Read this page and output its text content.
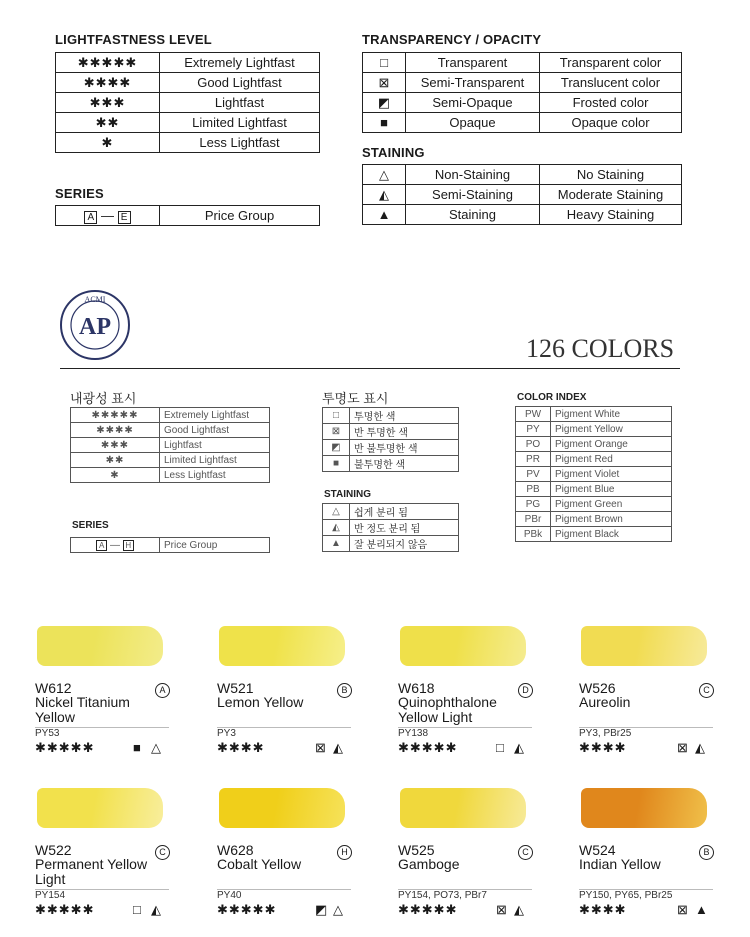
LIGHTFASTNESS LEVEL
✱✱✱✱✱	Extremely Lightfast
✱✱✱✱	Good Lightfast
✱✱✱	Lightfast
✱✱	Limited Lightfast
✱	Less Lightfast
SERIES
A — E	Price Group
TRANSPARENCY / OPACITY
□	Transparent	Transparent color
⊠	Semi-Transparent	Translucent color
◩	Semi-Opaque	Frosted color
■	Opaque	Opaque color
STAINING
△	Non-Staining	No Staining
◭	Semi-Staining	Moderate Staining
▲	Staining	Heavy Staining
ACMI
AP
126 COLORS
내광성 표시
✱✱✱✱✱	Extremely Lightfast
✱✱✱✱	Good Lightfast
✱✱✱	Lightfast
✱✱	Limited Lightfast
✱	Less Lightfast
SERIES
A — H	Price Group
투명도 표시
□	투명한 색
⊠	반 투명한 색
◩	반 불투명한 색
■	불투명한 색
STAINING
△	쉽게 분리 됨
◭	반 정도 분리 됨
▲	잘 분리되지 않음
COLOR INDEX
PW	Pigment White
PY	Pigment Yellow
PO	Pigment Orange
PR	Pigment Red
PV	Pigment Violet
PB	Pigment Blue
PG	Pigment Green
PBr	Pigment Brown
PBk	Pigment Black
W612	A
Nickel Titanium
Yellow
PY53
✱✱✱✱✱	■ △
W521	B
Lemon Yellow
PY3
✱✱✱✱	⊠ ◭
W618	D
Quinophthalone
Yellow Light
PY138
✱✱✱✱✱	□ ◭
W526	C
Aureolin
PY3, PBr25
✱✱✱✱	⊠ ◭
W522	C
Permanent Yellow
Light
PY154
✱✱✱✱✱	□ ◭
W628	H
Cobalt Yellow
PY40
✱✱✱✱✱	◩ △
W525	C
Gamboge
PY154, PO73, PBr7
✱✱✱✱✱	⊠ ◭
W524	B
Indian Yellow
PY150, PY65, PBr25
✱✱✱✱	⊠ ▲
